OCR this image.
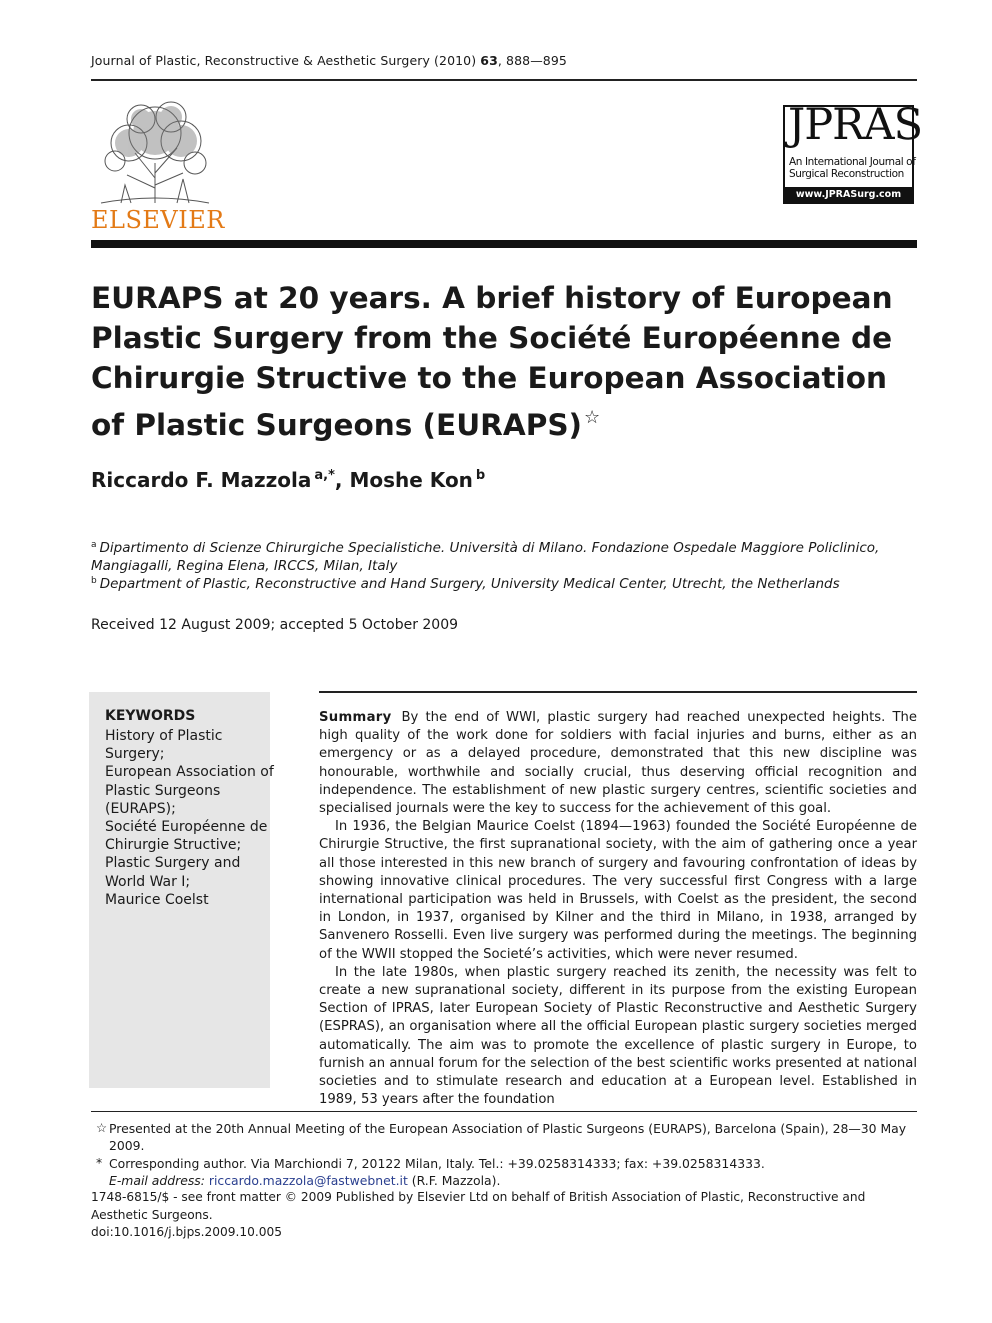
Journal of Plastic, Reconstructive & Aesthetic Surgery (2010) 63, 888—895
ELSEVIER
JPRAS
An International Journal of
Surgical Reconstruction
www.JPRASurg.com
EURAPS at 20 years. A brief history of European Plastic Surgery from the Société Européenne de Chirurgie Structive to the European Association of Plastic Surgeons (EURAPS) ☆
Riccardo F. Mazzola $^{a,*}$, Moshe Kon $^b$
$^a$ Dipartimento di Scienze Chirurgiche Specialistiche. Università di Milano. Fondazione Ospedale Maggiore Policlinico, Mangiagalli, Regina Elena, IRCCS, Milan, Italy
$^b$ Department of Plastic, Reconstructive and Hand Surgery, University Medical Center, Utrecht, the Netherlands
Received 12 August 2009; accepted 5 October 2009
KEYWORDS
History of Plastic Surgery;
European Association of Plastic Surgeons (EURAPS);
Société Européenne de Chirurgie Structive;
Plastic Surgery and World War I;
Maurice Coelst

Summary By the end of WWI, plastic surgery had reached unexpected heights. The high quality of the work done for soldiers with facial injuries and burns, either as an emergency or as a delayed procedure, demonstrated that this new discipline was honourable, worthwhile and socially crucial, thus deserving official recognition and independence. The establishment of new plastic surgery centres, scientific societies and specialised journals were the key to success for the achievement of this goal.

In 1936, the Belgian Maurice Coelst (1894—1963) founded the Société Européenne de Chirurgie Structive, the first supranational society, with the aim of gathering once a year all those interested in this new branch of surgery and favouring confrontation of ideas by showing innovative clinical procedures. The very successful first Congress with a large international participation was held in Brussels, with Coelst as the president, the second in London, in 1937, organised by Kilner and the third in Milano, in 1938, arranged by Sanvenero Rosselli. Even live surgery was performed during the meetings. The beginning of the WWII stopped the Societé’s activities, which were never resumed.

In the late 1980s, when plastic surgery reached its zenith, the necessity was felt to create a new supranational society, different in its purpose from the existing European Section of IPRAS, later European Society of Plastic Reconstructive and Aesthetic Surgery (ESPRAS), an organisation where all the official European plastic surgery societies merged automatically. The aim was to promote the excellence of plastic surgery in Europe, to furnish an annual forum for the selection of the best scientific works presented at national societies and to stimulate research and education at a European level. Established in 1989, 53 years after the foundation

☆ Presented at the 20th Annual Meeting of the European Association of Plastic Surgeons (EURAPS), Barcelona (Spain), 28—30 May 2009.
* Corresponding author. Via Marchiondi 7, 20122 Milan, Italy. Tel.: +39.0258314333; fax: +39.0258314333.
E-mail address: riccardo.mazzola@fastwebnet.it (R.F. Mazzola).
1748-6815/$ - see front matter © 2009 Published by Elsevier Ltd on behalf of British Association of Plastic, Reconstructive and Aesthetic Surgeons.
doi:10.1016/j.bjps.2009.10.005
